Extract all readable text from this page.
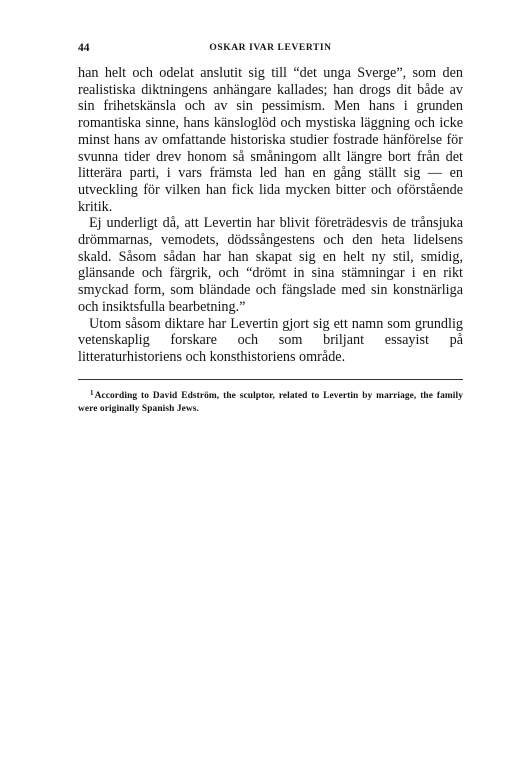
44	OSKAR IVAR LEVERTIN

han helt och odelat anslutit sig till “det unga Sverge”, som den realistiska diktningens anhängare kallades; han drogs dit både av sin frihetskänsla och av sin pessimism. Men hans i grunden romantiska sinne, hans känsloglöd och mystiska läggning och icke minst hans av omfattande historiska studier fostrade hänförelse för svunna tider drev honom så småningom allt längre bort från det litterära parti, i vars främsta led han en gång ställt sig — en utveckling för vilken han fick lida mycken bitter och oförstående kritik.

Ej underligt då, att Levertin har blivit företrädesvis de trånsjuka drömmarnas, vemodets, dödssångestens och den heta lidelsens skald. Såsom sådan har han skapat sig en helt ny stil, smidig, glänsande och färgrik, och “drömt in sina stämningar i en rikt smyckad form, som bländade och fängslade med sin konstnärliga och insiktsfulla bearbetning.”

Utom såsom diktare har Levertin gjort sig ett namn som grundlig vetenskaplig forskare och som briljant essayist på litteraturhistoriens och konsthistoriens område.

$^1$According to David Edström, the sculptor, related to Levertin by marriage, the family were originally Spanish Jews.
